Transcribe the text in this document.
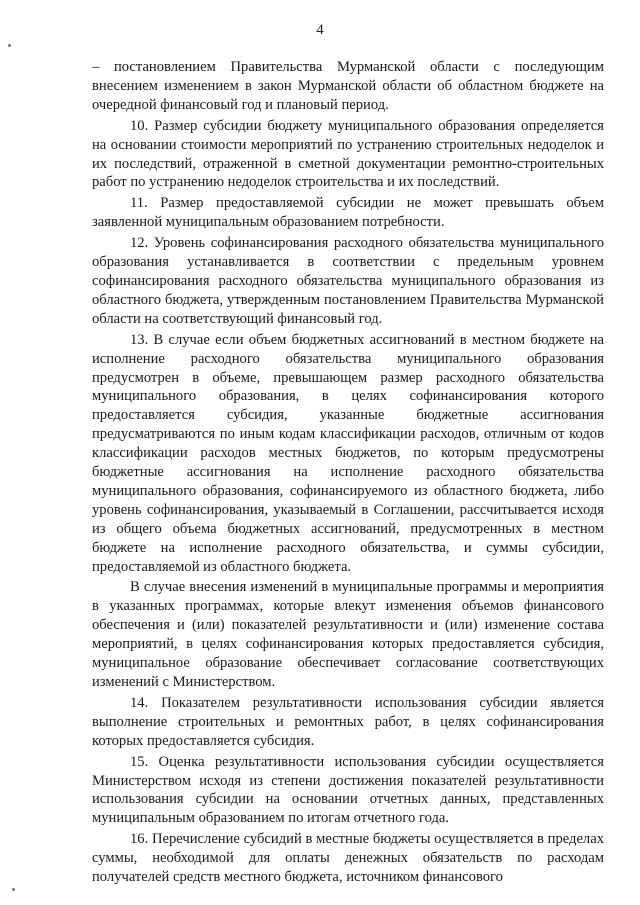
4

– постановлением Правительства Мурманской области с последующим внесением изменением в закон Мурманской области об областном бюджете на очередной финансовый год и плановый период.

10. Размер субсидии бюджету муниципального образования определяется на основании стоимости мероприятий по устранению строительных недоделок и их последствий, отраженной в сметной документации ремонтно-строительных работ по устранению недоделок строительства и их последствий.

11. Размер предоставляемой субсидии не может превышать объем заявленной муниципальным образованием потребности.

12. Уровень софинансирования расходного обязательства муниципального образования устанавливается в соответствии с предельным уровнем софинансирования расходного обязательства муниципального образования из областного бюджета, утвержденным постановлением Правительства Мурманской области на соответствующий финансовый год.

13. В случае если объем бюджетных ассигнований в местном бюджете на исполнение расходного обязательства муниципального образования предусмотрен в объеме, превышающем размер расходного обязательства муниципального образования, в целях софинансирования которого предоставляется субсидия, указанные бюджетные ассигнования предусматриваются по иным кодам классификации расходов, отличным от кодов классификации расходов местных бюджетов, по которым предусмотрены бюджетные ассигнования на исполнение расходного обязательства муниципального образования, софинансируемого из областного бюджета, либо уровень софинансирования, указываемый в Соглашении, рассчитывается исходя из общего объема бюджетных ассигнований, предусмотренных в местном бюджете на исполнение расходного обязательства, и суммы субсидии, предоставляемой из областного бюджета.

В случае внесения изменений в муниципальные программы и мероприятия в указанных программах, которые влекут изменения объемов финансового обеспечения и (или) показателей результативности и (или) изменение состава мероприятий, в целях софинансирования которых предоставляется субсидия, муниципальное образование обеспечивает согласование соответствующих изменений с Министерством.

14. Показателем результативности использования субсидии является выполнение строительных и ремонтных работ, в целях софинансирования которых предоставляется субсидия.

15. Оценка результативности использования субсидии осуществляется Министерством исходя из степени достижения показателей результативности использования субсидии на основании отчетных данных, представленных муниципальным образованием по итогам отчетного года.

16. Перечисление субсидий в местные бюджеты осуществляется в пределах суммы, необходимой для оплаты денежных обязательств по расходам получателей средств местного бюджета, источником финансового
